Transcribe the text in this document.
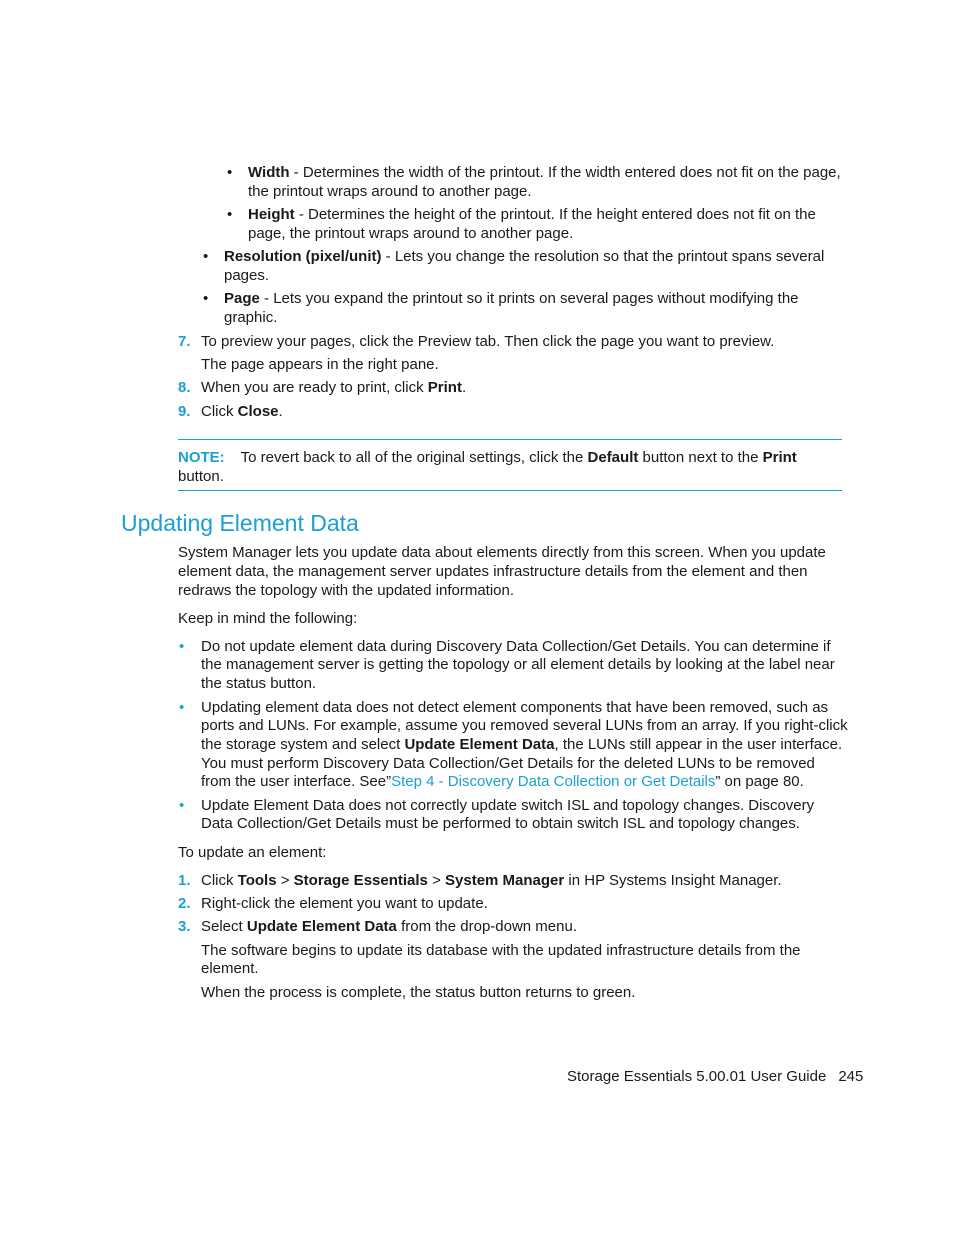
• Width - Determines the width of the printout. If the width entered does not fit on the page,
the printout wraps around to another page.
• Height - Determines the height of the printout. If the height entered does not fit on the
page, the printout wraps around to another page.
• Resolution (pixel/unit) - Lets you change the resolution so that the printout spans several
pages.
• Page - Lets you expand the printout so it prints on several pages without modifying the
graphic.
7. To preview your pages, click the Preview tab. Then click the page you want to preview.
The page appears in the right pane.
8. When you are ready to print, click Print.
9. Click Close.
NOTE: To revert back to all of the original settings, click the Default button next to the Print
button.
Updating Element Data
System Manager lets you update data about elements directly from this screen. When you update
element data, the management server updates infrastructure details from the element and then
redraws the topology with the updated information.
Keep in mind the following:
• Do not update element data during Discovery Data Collection/Get Details. You can determine if
the management server is getting the topology or all element details by looking at the label near
the status button.
• Updating element data does not detect element components that have been removed, such as
ports and LUNs. For example, assume you removed several LUNs from an array. If you right-click
the storage system and select Update Element Data, the LUNs still appear in the user interface.
You must perform Discovery Data Collection/Get Details for the deleted LUNs to be removed
from the user interface. See”Step 4 - Discovery Data Collection or Get Details” on page 80.
• Update Element Data does not correctly update switch ISL and topology changes. Discovery
Data Collection/Get Details must be performed to obtain switch ISL and topology changes.
To update an element:
1. Click Tools > Storage Essentials > System Manager in HP Systems Insight Manager.
2. Right-click the element you want to update.
3. Select Update Element Data from the drop-down menu.
The software begins to update its database with the updated infrastructure details from the
element.
When the process is complete, the status button returns to green.
Storage Essentials 5.00.01 User Guide 245
